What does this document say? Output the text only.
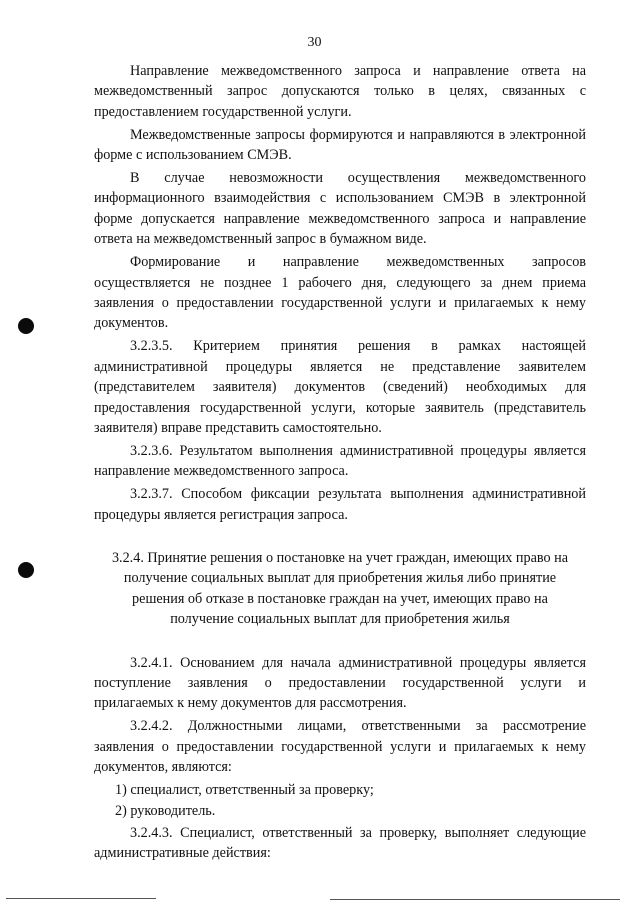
30

Направление межведомственного запроса и направление ответа на межведомственный запрос допускаются только в целях, связанных с предоставлением государственной услуги.

Межведомственные запросы формируются и направляются в электронной форме с использованием СМЭВ.

В случае невозможности осуществления межведомственного информационного взаимодействия с использованием СМЭВ в электронной форме допускается направление межведомственного запроса и направление ответа на межведомственный запрос в бумажном виде.

Формирование и направление межведомственных запросов осуществляется не позднее 1 рабочего дня, следующего за днем приема заявления о предоставлении государственной услуги и прилагаемых к нему документов.

3.2.3.5. Критерием принятия решения в рамках настоящей административной процедуры является не представление заявителем (представителем заявителя) документов (сведений) необходимых для предоставления государственной услуги, которые заявитель (представитель заявителя) вправе представить самостоятельно.

3.2.3.6. Результатом выполнения административной процедуры является направление межведомственного запроса.

3.2.3.7. Способом фиксации результата выполнения административной процедуры является регистрация запроса.

3.2.4. Принятие решения о постановке на учет граждан, имеющих право на получение социальных выплат для приобретения жилья либо принятие решения об отказе в постановке граждан на учет, имеющих право на получение социальных выплат для приобретения жилья

3.2.4.1. Основанием для начала административной процедуры является поступление заявления о предоставлении государственной услуги и прилагаемых к нему документов для рассмотрения.

3.2.4.2. Должностными лицами, ответственными за рассмотрение заявления о предоставлении государственной услуги и прилагаемых к нему документов, являются:

1) специалист, ответственный за проверку;

2) руководитель.

3.2.4.3. Специалист, ответственный за проверку, выполняет следующие административные действия:
